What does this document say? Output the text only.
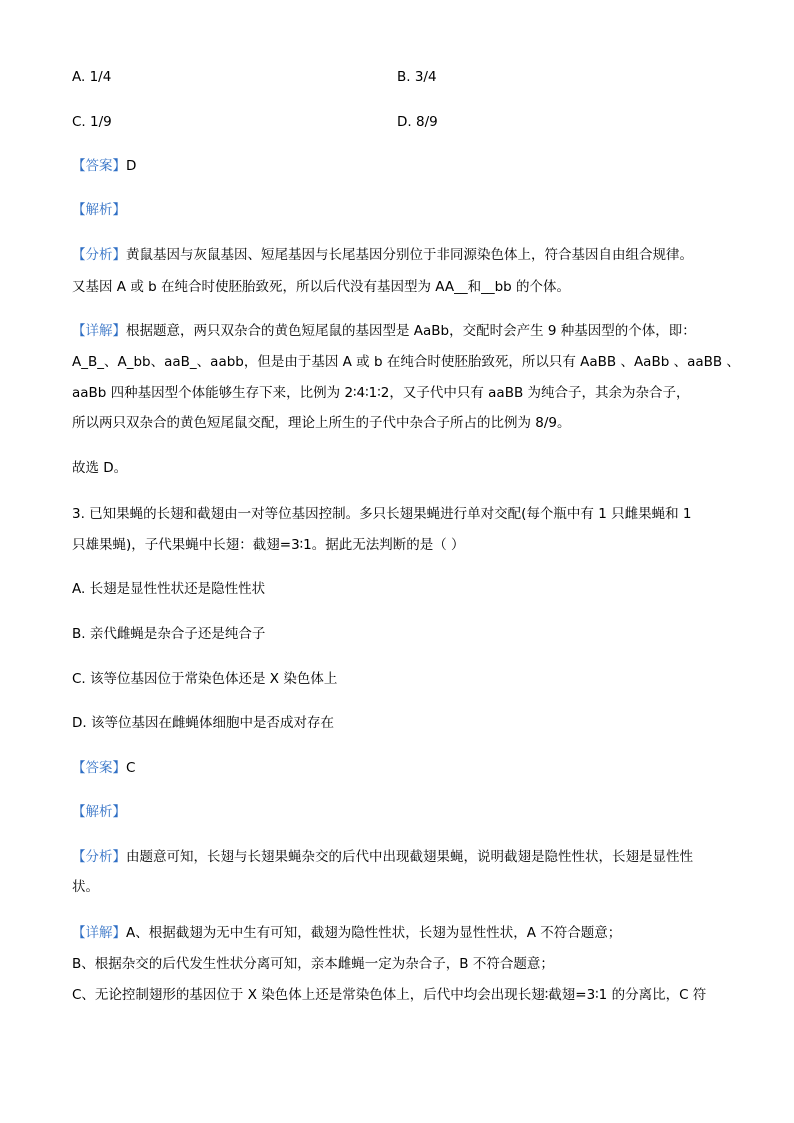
A. 1/4	B. 3/4
C. 1/9	D. 8/9
【答案】D
【解析】
【分析】黄鼠基因与灰鼠基因、短尾基因与长尾基因分别位于非同源染色体上，符合基因自由组合规律。
又基因 A 或 b 在纯合时使胚胎致死，所以后代没有基因型为 AA__和__bb 的个体。
【详解】根据题意，两只双杂合的黄色短尾鼠的基因型是 AaBb，交配时会产生 9 种基因型的个体，即：
A_B_、A_bb、aaB_、aabb，但是由于基因 A 或 b 在纯合时使胚胎致死，所以只有 AaBB 、AaBb 、aaBB 、
aaBb 四种基因型个体能够生存下来，比例为 2∶4∶1∶2，又子代中只有 aaBB 为纯合子，其余为杂合子，
所以两只双杂合的黄色短尾鼠交配，理论上所生的子代中杂合子所占的比例为 8/9。
故选 D。
3. 已知果蝇的长翅和截翅由一对等位基因控制。多只长翅果蝇进行单对交配(每个瓶中有 1 只雌果蝇和 1
只雄果蝇)，子代果蝇中长翅：截翅=3∶1。据此无法判断的是（ ）
A. 长翅是显性性状还是隐性性状
B. 亲代雌蝇是杂合子还是纯合子
C. 该等位基因位于常染色体还是 X 染色体上
D. 该等位基因在雌蝇体细胞中是否成对存在
【答案】C
【解析】
【分析】由题意可知，长翅与长翅果蝇杂交的后代中出现截翅果蝇，说明截翅是隐性性状，长翅是显性性
状。
【详解】A、根据截翅为无中生有可知，截翅为隐性性状，长翅为显性性状，A 不符合题意；
B、根据杂交的后代发生性状分离可知，亲本雌蝇一定为杂合子，B 不符合题意；
C、无论控制翅形的基因位于 X 染色体上还是常染色体上，后代中均会出现长翅∶截翅=3∶1 的分离比，C 符
